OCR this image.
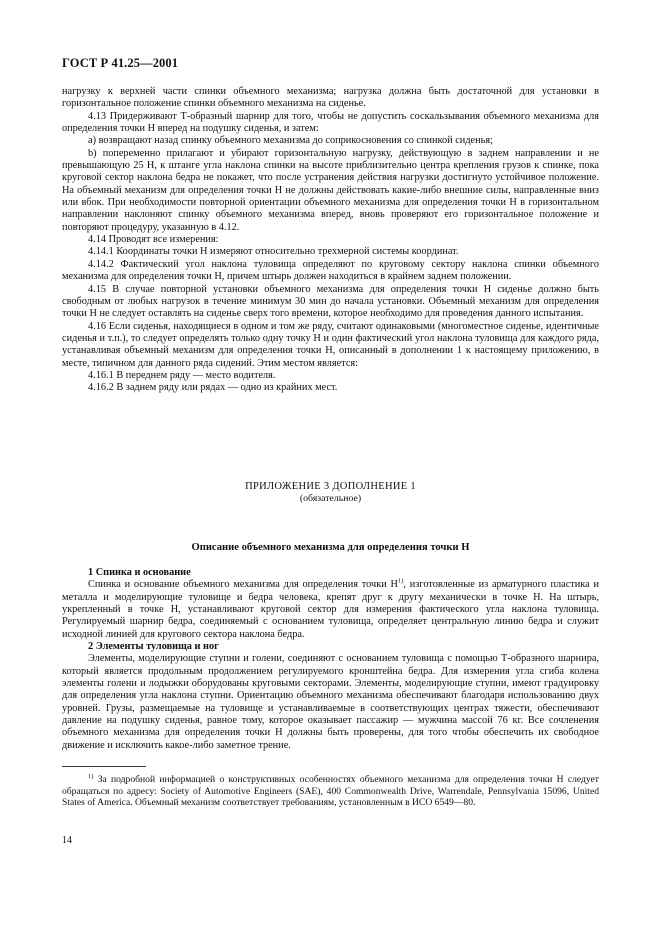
ГОСТ Р 41.25—2001

нагрузку к верхней части спинки объемного механизма; нагрузка должна быть достаточной для установки в горизонтальное положение спинки объемного механизма на сиденье.

4.13 Придерживают Т-образный шарнир для того, чтобы не допустить соскальзывания объемного механизма для определения точки H вперед на подушку сиденья, и затем:

a) возвращают назад спинку объемного механизма до соприкосновения со спинкой сиденья;

b) попеременно прилагают и убирают горизонтальную нагрузку, действующую в заднем направлении и не превышающую 25 Н, к штанге угла наклона спинки на высоте приблизительно центра крепления грузов к спинке, пока круговой сектор наклона бедра не покажет, что после устранения действия нагрузки достигнуто устойчивое положение. На объемный механизм для определения точки H не должны действовать какие-либо внешние силы, направленные вниз или вбок. При необходимости повторной ориентации объемного механизма для определения точки H в горизонтальном направлении наклоняют спинку объемного механизма вперед, вновь проверяют его горизонтальное положение и повторяют процедуру, указанную в 4.12.

4.14 Проводят все измерения:

4.14.1 Координаты точки H измеряют относительно трехмерной системы координат.

4.14.2 Фактический угол наклона туловища определяют по круговому сектору наклона спинки объемного механизма для определения точки H, причем штырь должен находиться в крайнем заднем положении.

4.15 В случае повторной установки объемного механизма для определения точки H сиденье должно быть свободным от любых нагрузок в течение минимум 30 мин до начала установки. Объемный механизм для определения точки H не следует оставлять на сиденье сверх того времени, которое необходимо для проведения данного испытания.

4.16 Если сиденья, находящиеся в одном и том же ряду, считают одинаковыми (многоместное сиденье, идентичные сиденья и т.п.), то следует определять только одну точку H и один фактический угол наклона туловища для каждого ряда, устанавливая объемный механизм для определения точки H, описанный в дополнении 1 к настоящему приложению, в месте, типичном для данного ряда сидений. Этим местом является:

4.16.1 В переднем ряду — место водителя.

4.16.2 В заднем ряду или рядах — одно из крайних мест.

ПРИЛОЖЕНИЕ 3 ДОПОЛНЕНИЕ 1
(обязательное)
Описание объемного механизма для определения точки H

1 Спинка и основание

Спинка и основание объемного механизма для определения точки $H^{1)}$, изготовленные из арматурного пластика и металла и моделирующие туловище и бедра человека, крепят друг к другу механически в точке H. На штырь, укрепленный в точке H, устанавливают круговой сектор для измерения фактического угла наклона туловища. Регулируемый шарнир бедра, соединяемый с основанием туловища, определяет центральную линию бедра и служит исходной линией для кругового сектора наклона бедра.

2 Элементы туловища и ног

Элементы, моделирующие ступни и голени, соединяют с основанием туловища с помощью Т-образного шарнира, который является продольным продолжением регулируемого кронштейна бедра. Для измерения угла сгиба колена элементы голени и лодыжки оборудованы круговыми секторами. Элементы, моделирующие ступни, имеют градуировку для определения угла наклона ступни. Ориентацию объемного механизма обеспечивают благодаря использованию двух уровней. Грузы, размещаемые на туловище и устанавливаемые в соответствующих центрах тяжести, обеспечивают давление на подушку сиденья, равное тому, которое оказывает пассажир — мужчина массой 76 кг. Все сочленения объемного механизма для определения точки H должны быть проверены, для того чтобы обеспечить их свободное движение и исключить какое-либо заметное трение.

$^{1)}$ За подробной информацией о конструктивных особенностях объемного механизма для определения точки H следует обращаться по адресу: Society of Automotive Engineers (SAE), 400 Commonwealth Drive, Warrendale, Pennsylvania 15096, United States of America. Объемный механизм соответствует требованиям, установленным в ИСО 6549—80.

14
